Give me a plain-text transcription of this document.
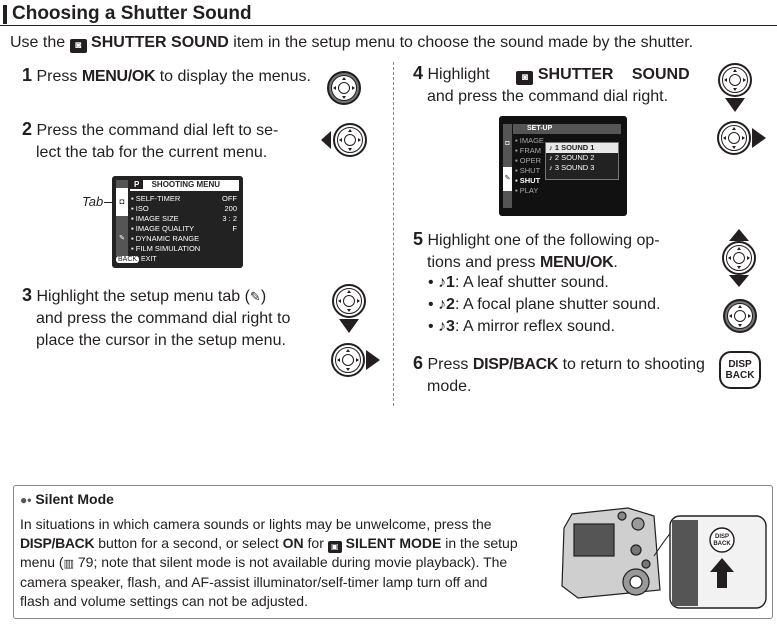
Choosing a Shutter Sound
Use the ◙ SHUTTER SOUND item in the setup menu to choose the sound made by the shutter.
1 Press MENU/OK to display the menus.
2 Press the command dial left to se-
lect the tab for the current menu.
Tab	◘
✎
P SHOOTING MENU
▪ SELF-TIMER	OFF
▪ ISO	200
▪ IMAGE SIZE	3 : 2
▪ IMAGE QUALITY	F
▪ DYNAMIC RANGE
▪ FILM SIMULATION
BACK EXIT
3 Highlight the setup menu tab (✎)
and press the command dial right to
place the cursor in the setup menu.
4 Highlight	◙ SHUTTER SOUND
and press the command dial right.
◘
✎
SET-UP
▪ IMAGE
▪ FRAM
▪ OPER
▪ SHUT
▪ SHUT
▪ PLAY
♪ 1 SOUND 1
♪ 2 SOUND 2
♪ 3 SOUND 3
5 Highlight one of the following op-
tions and press MENU/OK.
• ♪1: A leaf shutter sound.
• ♪2: A focal plane shutter sound.
• ♪3: A mirror reflex sound.
6 Press DISP/BACK to return to shooting
mode.
DISP
BACK
●• Silent Mode
In situations in which camera sounds or lights may be unwelcome, press the
DISP/BACK button for a second, or select ON for ▣ SILENT MODE in the setup
menu (▥ 79; note that silent mode is not available during movie playback). The
camera speaker, flash, and AF-assist illuminator/self-timer lamp turn off and
flash and volume settings can not be adjusted.
DISP
BACK
